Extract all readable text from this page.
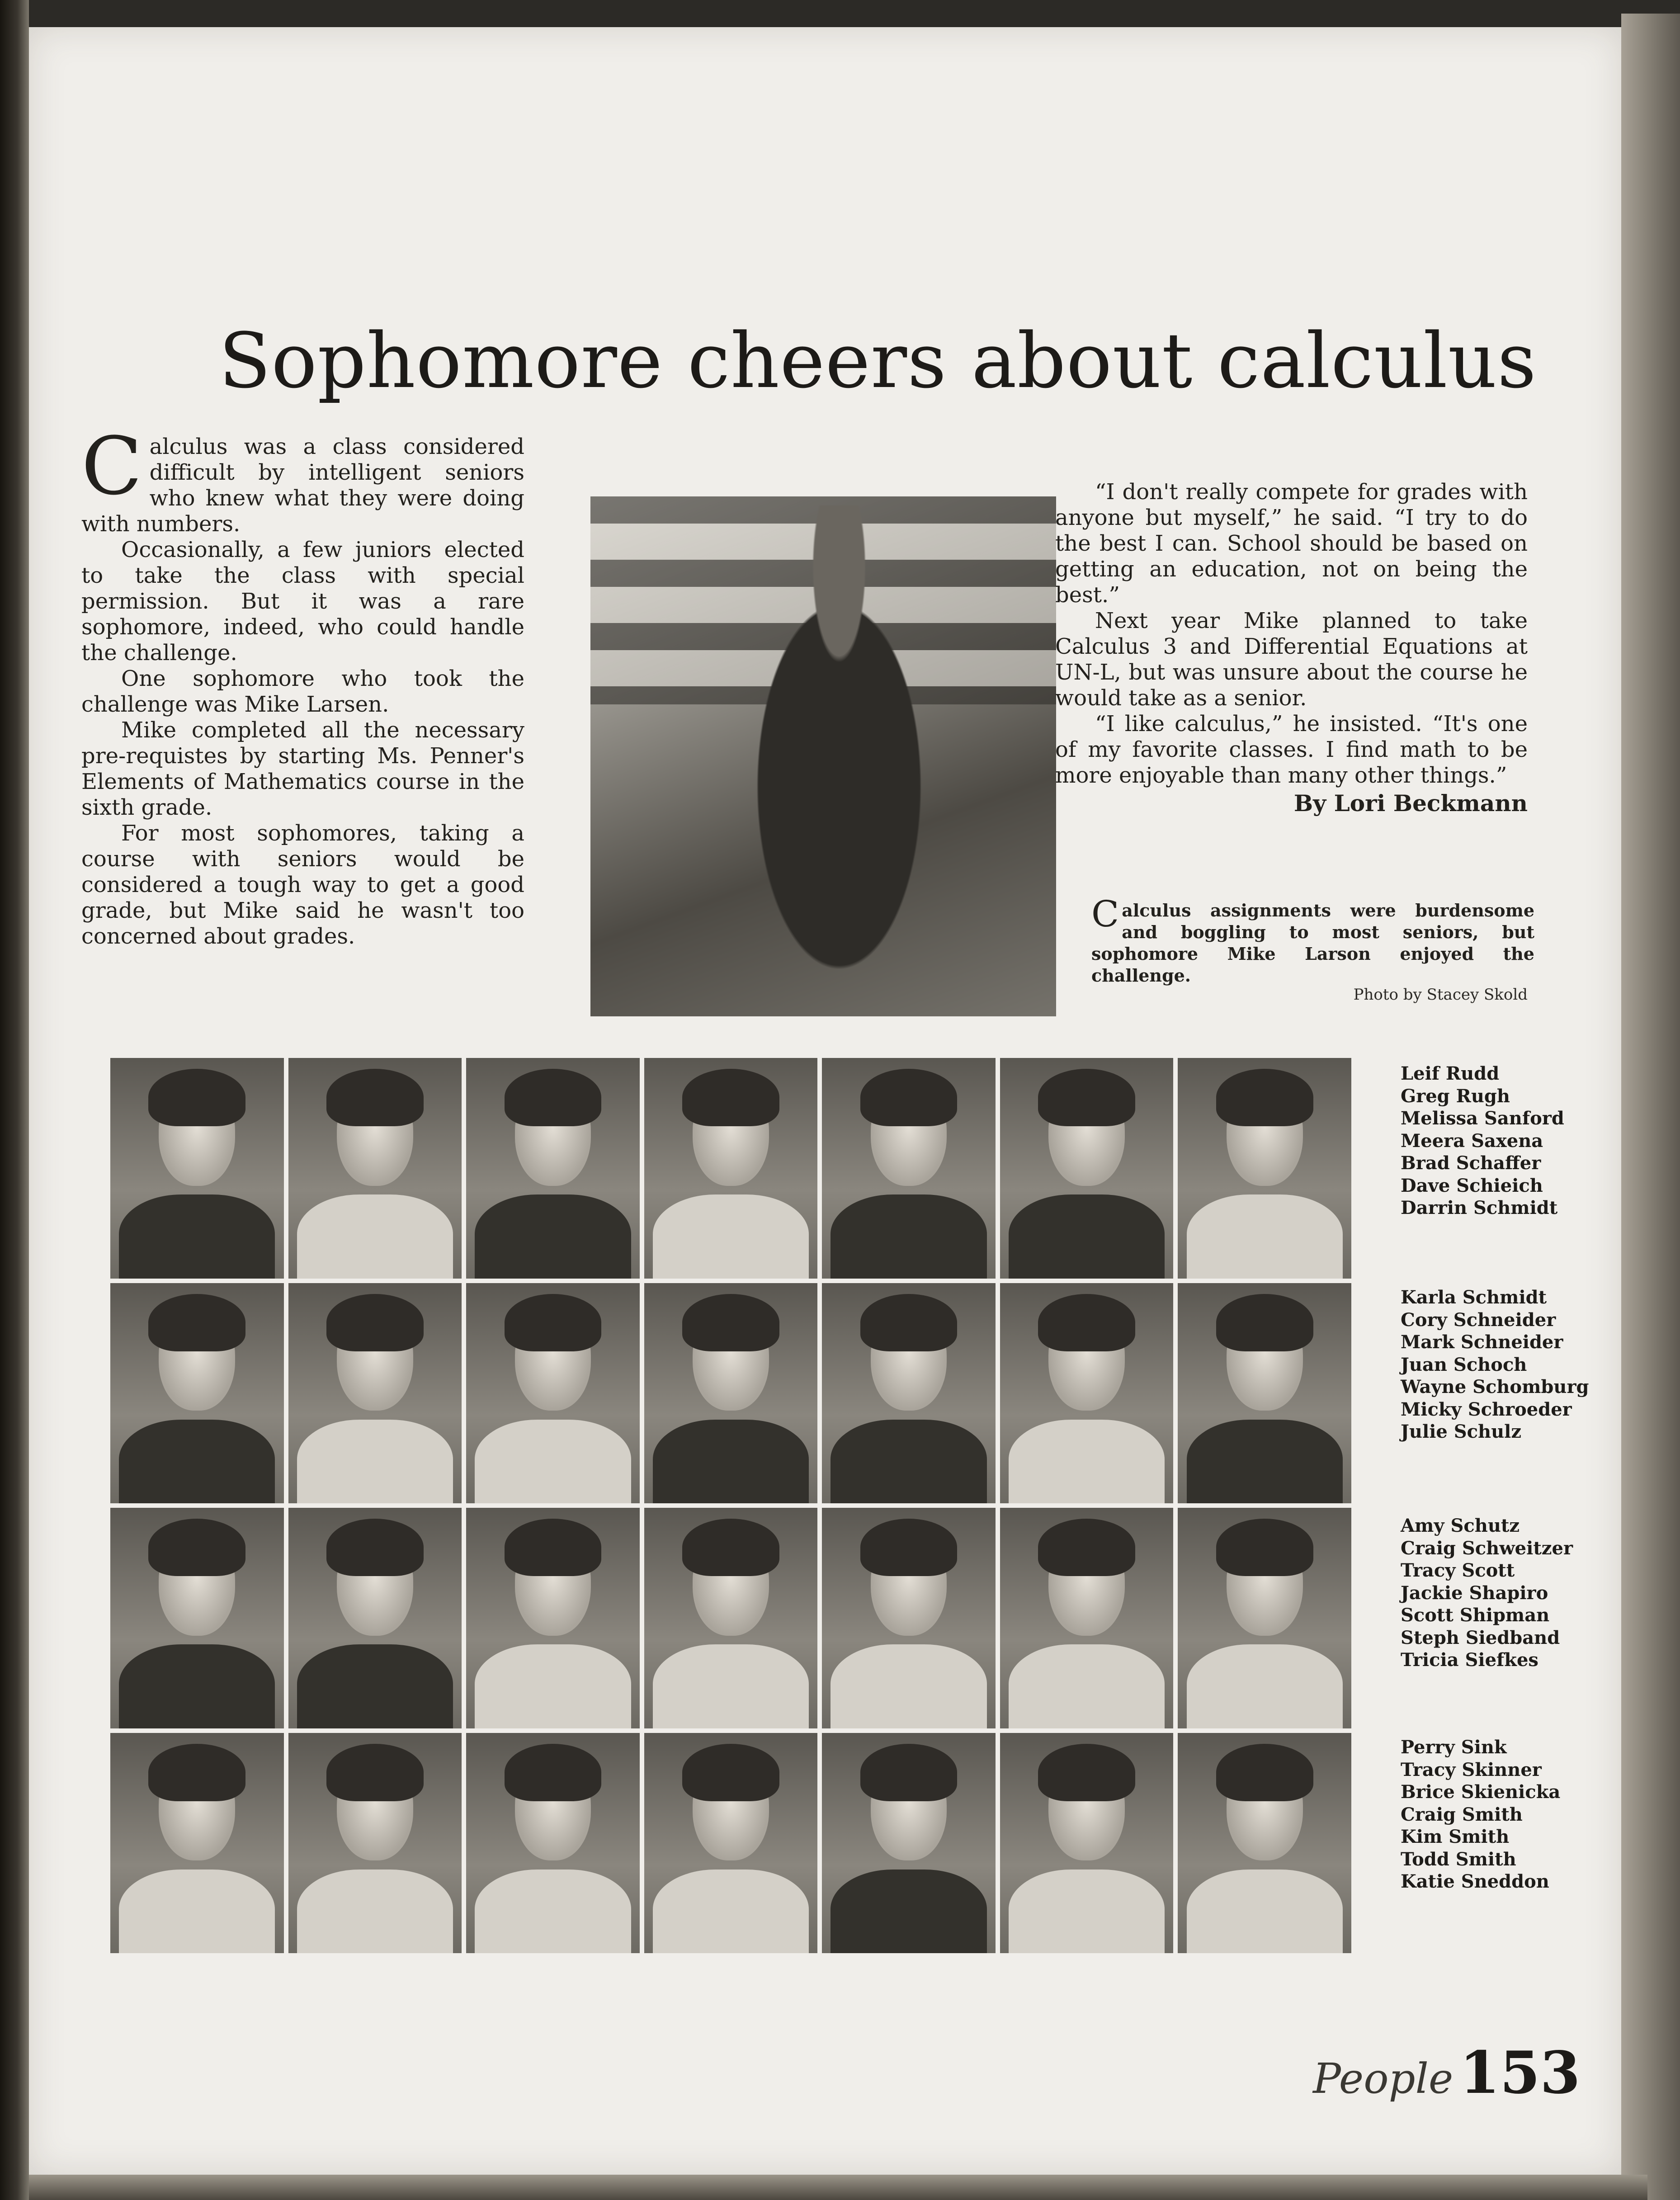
Sophomore cheers about calculus

Calculus was a class considered difficult by intelligent seniors who knew what they were doing with numbers.

Occasionally, a few juniors elected to take the class with special permission. But it was a rare sophomore, indeed, who could handle the challenge.

One sophomore who took the challenge was Mike Larsen.

Mike completed all the necessary pre-requistes by starting Ms. Penner's Elements of Mathematics course in the sixth grade.

For most sophomores, taking a course with seniors would be considered a tough way to get a good grade, but Mike said he wasn't too concerned about grades.

“I don't really compete for grades with anyone but myself,” he said. “I try to do the best I can. School should be based on getting an education, not on being the best.”

Next year Mike planned to take Calculus 3 and Differential Equations at UN-L, but was unsure about the course he would take as a senior.

“I like calculus,” he insisted. “It's one of my favorite classes. I find math to be more enjoyable than many other things.”

By Lori Beckmann
Calculus assignments were burdensome and boggling to most seniors, but sophomore Mike Larson enjoyed the challenge.
Photo by Stacey Skold
Leif Rudd
Greg Rugh
Melissa Sanford
Meera Saxena
Brad Schaffer
Dave Schieich
Darrin Schmidt
Karla Schmidt
Cory Schneider
Mark Schneider
Juan Schoch
Wayne Schomburg
Micky Schroeder
Julie Schulz
Amy Schutz
Craig Schweitzer
Tracy Scott
Jackie Shapiro
Scott Shipman
Steph Siedband
Tricia Siefkes
Perry Sink
Tracy Skinner
Brice Skienicka
Craig Smith
Kim Smith
Todd Smith
Katie Sneddon
People 153
